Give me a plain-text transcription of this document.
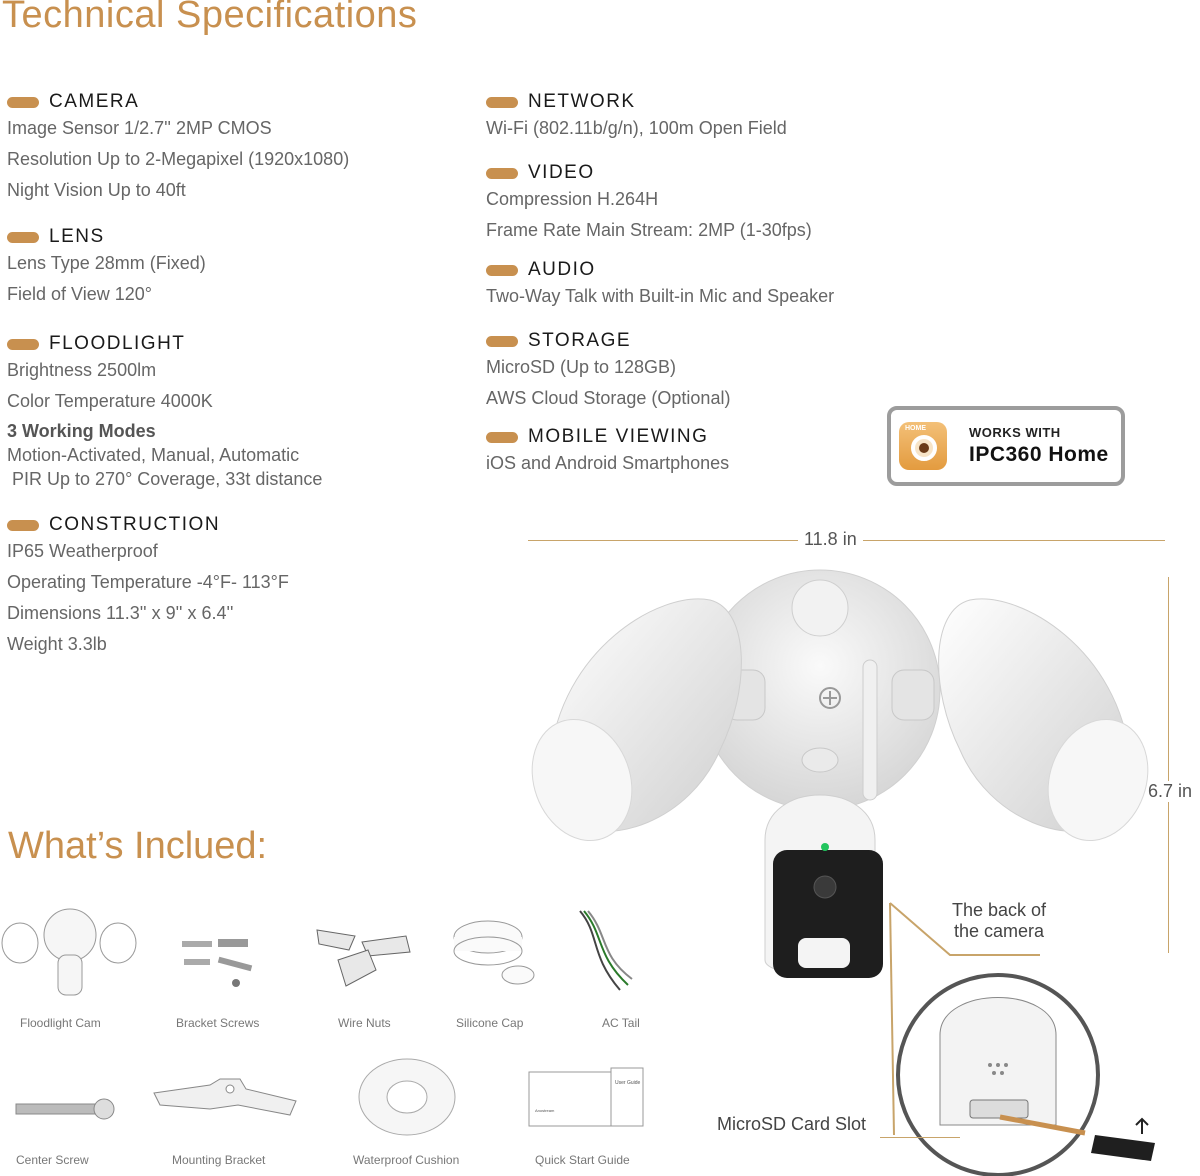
Technical Specifications
CAMERA
Image Sensor 1/2.7'' 2MP CMOS
Resolution Up to 2-Megapixel (1920x1080)
Night Vision Up to 40ft
LENS
Lens Type 28mm (Fixed)
Field of View 120°
FLOODLIGHT
Brightness 2500lm
Color Temperature 4000K
3 Working Modes
Motion-Activated, Manual, Automatic
PIR Up to 270° Coverage, 33t distance
CONSTRUCTION
IP65 Weatherproof
Operating Temperature -4°F- 113°F
Dimensions 11.3'' x 9'' x 6.4''
Weight 3.3lb
NETWORK
Wi-Fi (802.11b/g/n), 100m Open Field
VIDEO
Compression H.264H
Frame Rate Main Stream: 2MP (1-30fps)
AUDIO
Two-Way Talk with Built-in Mic and Speaker
STORAGE
MicroSD (Up to 128GB)
AWS Cloud Storage (Optional)
MOBILE VIEWING
iOS and Android Smartphones
HOME	WORKS WITH
IPC360 Home
11.8 in
6.7 in
The back of
the camera
MicroSD Card Slot
What’s Inclued:
Floodlight Cam	Bracket Screws	Wire Nuts	Silicone Cap	AC Tail
Anostream
User Guide
Center Screw	Mounting Bracket	Waterproof Cushion	Quick Start Guide
